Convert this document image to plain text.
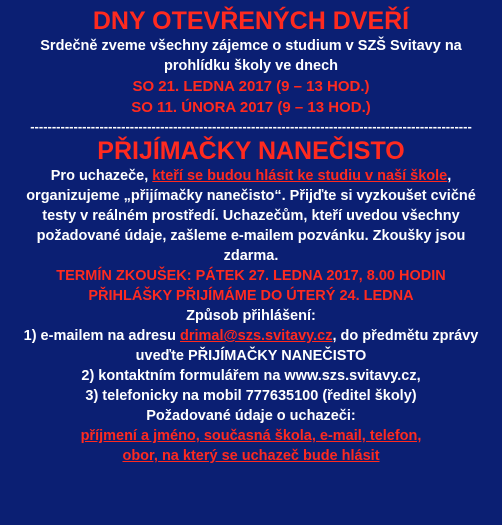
DNY OTEVŘENÝCH DVEŘÍ

Srdečně zveme všechny zájemce o studium v SZŠ Svitavy na

prohlídku školy ve dnech

SO 21. LEDNA 2017 (9 – 13 HOD.)

SO 11. ÚNORA 2017 (9 – 13 HOD.)

------------------------------------------------------------------------------------------------------
PŘIJÍMAČKY NANEČISTO

Pro uchazeče, kteří se budou hlásit ke studiu v naší škole,

organizujeme „přijímačky nanečisto“. Přijďte si vyzkoušet cvičné

testy v reálném prostředí. Uchazečům, kteří uvedou všechny

požadované údaje, zašleme e-mailem pozvánku. Zkoušky jsou

zdarma.

TERMÍN ZKOUŠEK: PÁTEK 27. LEDNA 2017, 8.00 HODIN

PŘIHLÁŠKY PŘIJÍMÁME DO ÚTERÝ 24. LEDNA

Způsob přihlášení:

1) e-mailem na adresu drimal@szs.svitavy.cz, do předmětu zprávy

uveďte PŘIJÍMAČKY NANEČISTO

2) kontaktním formulářem na www.szs.svitavy.cz,

3) telefonicky na mobil 777635100 (ředitel školy)

Požadované údaje o uchazeči:

příjmení a jméno, současná škola, e-mail, telefon,

obor, na který se uchazeč bude hlásit
